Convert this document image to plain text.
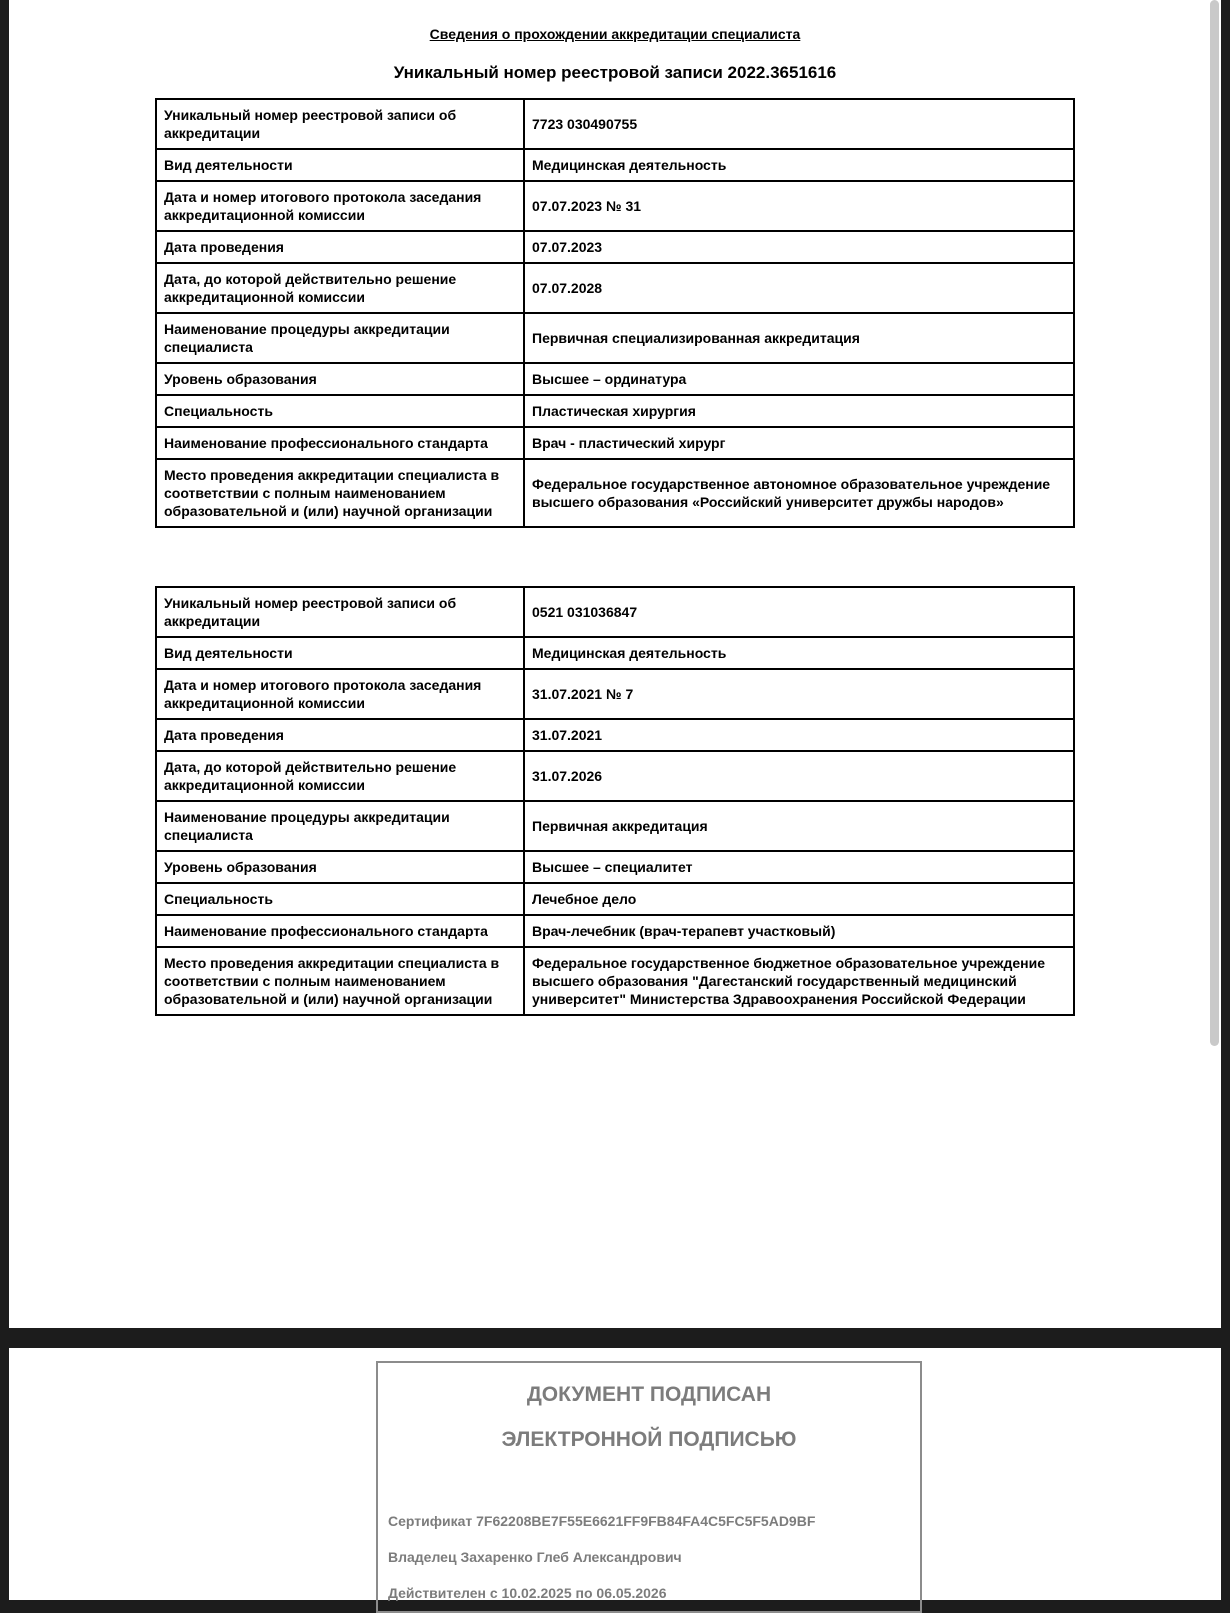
Сведения о прохождении аккредитации специалиста
Уникальный номер реестровой записи 2022.3651616
Уникальный номер реестровой записи об аккредитации	7723 030490755
Вид деятельности	Медицинская деятельность
Дата и номер итогового протокола заседания аккредитационной комиссии	07.07.2023 № 31
Дата проведения	07.07.2023
Дата, до которой действительно решение аккредитационной комиссии	07.07.2028
Наименование процедуры аккредитации специалиста	Первичная специализированная аккредитация
Уровень образования	Высшее – ординатура
Специальность	Пластическая хирургия
Наименование профессионального стандарта	Врач - пластический хирург
Место проведения аккредитации специалиста в соответствии с полным наименованием образовательной и (или) научной организации	Федеральное государственное автономное образовательное учреждение высшего образования «Российский университет дружбы народов»
Уникальный номер реестровой записи об аккредитации	0521 031036847
Вид деятельности	Медицинская деятельность
Дата и номер итогового протокола заседания аккредитационной комиссии	31.07.2021 № 7
Дата проведения	31.07.2021
Дата, до которой действительно решение аккредитационной комиссии	31.07.2026
Наименование процедуры аккредитации специалиста	Первичная аккредитация
Уровень образования	Высшее – специалитет
Специальность	Лечебное дело
Наименование профессионального стандарта	Врач-лечебник (врач-терапевт участковый)
Место проведения аккредитации специалиста в соответствии с полным наименованием образовательной и (или) научной организации	Федеральное государственное бюджетное образовательное учреждение высшего образования "Дагестанский государственный медицинский университет" Министерства Здравоохранения Российской Федерации
ДОКУМЕНТ ПОДПИСАН
ЭЛЕКТРОННОЙ ПОДПИСЬЮ
Сертификат 7F62208BE7F55E6621FF9FB84FA4C5FC5F5AD9BF
Владелец Захаренко Глеб Александрович
Действителен с 10.02.2025 по 06.05.2026
